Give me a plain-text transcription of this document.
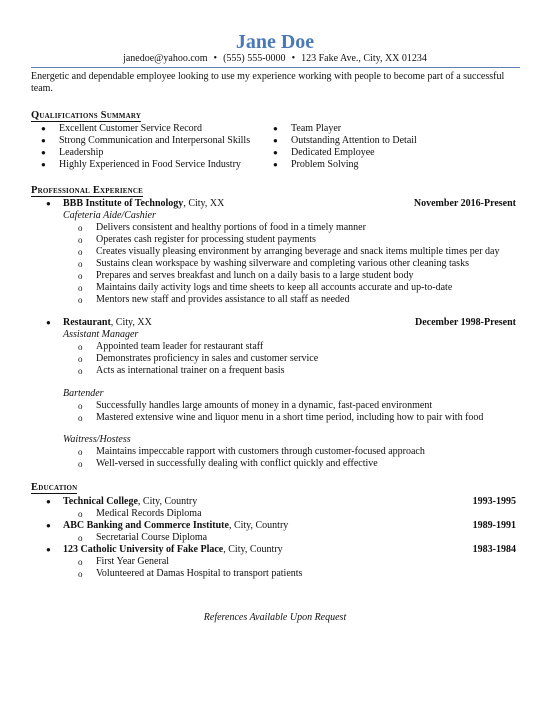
Jane Doe
janedoe@yahoo.com • (555) 555-0000 • 123 Fake Ave., City, XX 01234
Energetic and dependable employee looking to use my experience working with people to become part of a successful team.
Qualifications Summary
● Excellent Customer Service Record
● Strong Communication and Interpersonal Skills
● Leadership
● Highly Experienced in Food Service Industry
● Team Player
● Outstanding Attention to Detail
● Dedicated Employee
● Problem Solving
Professional Experience
● BBB Institute of Technology, City, XX	November 2016-Present
Cafeteria Aide/Cashier
o Delivers consistent and healthy portions of food in a timely manner
o Operates cash register for processing student payments
o Creates visually pleasing environment by arranging beverage and snack items multiple times per day
o Sustains clean workspace by washing silverware and completing various other cleaning tasks
o Prepares and serves breakfast and lunch on a daily basis to a large student body
o Maintains daily activity logs and time sheets to keep all accounts accurate and up-to-date
o Mentors new staff and provides assistance to all staff as needed
● Restaurant, City, XX	December 1998-Present
Assistant Manager
o Appointed team leader for restaurant staff
o Demonstrates proficiency in sales and customer service
o Acts as international trainer on a frequent basis
Bartender
o Successfully handles large amounts of money in a dynamic, fast-paced environment
o Mastered extensive wine and liquor menu in a short time period, including how to pair with food
Waitress/Hostess
o Maintains impeccable rapport with customers through customer-focused approach
o Well-versed in successfully dealing with conflict quickly and effective
Education
● Technical College, City, Country	1993-1995
o Medical Records Diploma
● ABC Banking and Commerce Institute, City, Country	1989-1991
o Secretarial Course Diploma
● 123 Catholic University of Fake Place, City, Country	1983-1984
o First Year General
o Volunteered at Damas Hospital to transport patients
References Available Upon Request
